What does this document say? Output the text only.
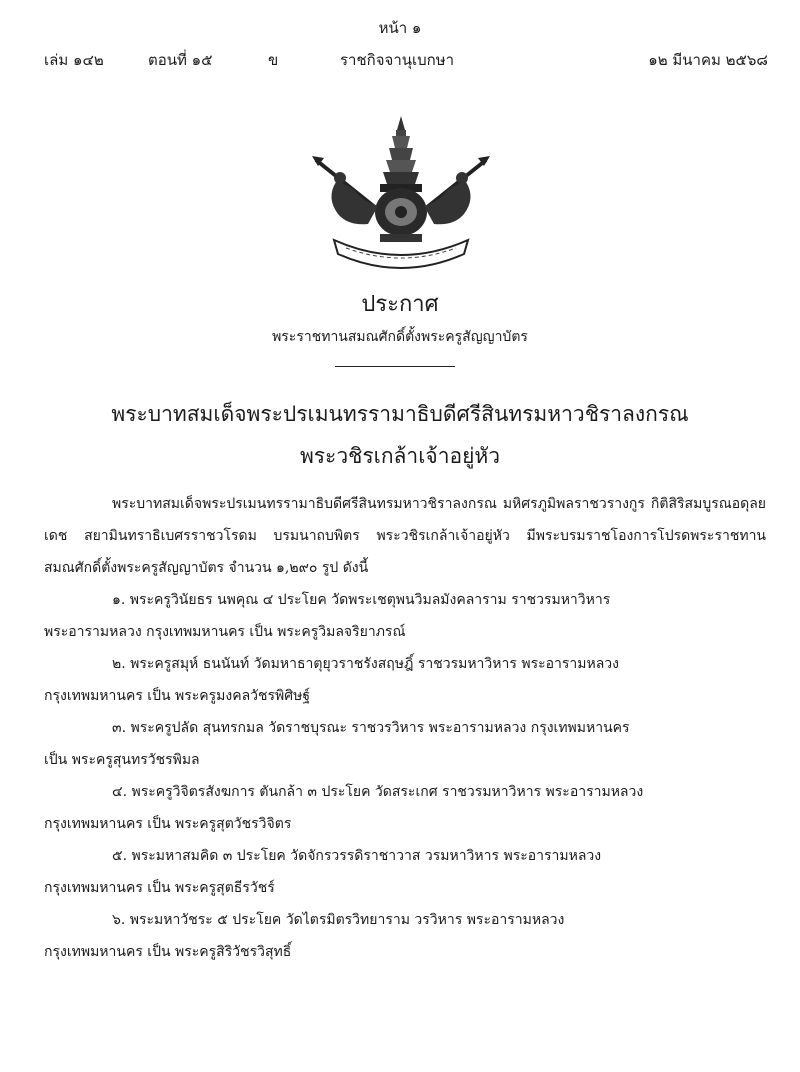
หน้า ๑
เล่ม ๑๔๒	ตอนที่ ๑๕	ข	ราชกิจจานุเบกษา	๑๒ มีนาคม ๒๕๖๘
ประกาศ
พระราชทานสมณศักดิ์ตั้งพระครูสัญญาบัตร
พระบาทสมเด็จพระปรเมนทรรามาธิบดีศรีสินทรมหาวชิราลงกรณ
พระวชิรเกล้าเจ้าอยู่หัว

พระบาทสมเด็จพระปรเมนทรรามาธิบดีศรีสินทรมหาวชิราลงกรณ มหิศรภูมิพลราชวรางกูร กิติสิริสมบูรณอดุลยเดช สยามินทราธิเบศรราชวโรดม บรมนาถบพิตร พระวชิรเกล้าเจ้าอยู่หัว มีพระบรมราชโองการโปรดพระราชทานสมณศักดิ์ตั้งพระครูสัญญาบัตร จำนวน ๑,๒๙๐ รูป ดังนี้

๑. พระครูวินัยธร นพคุณ ๔ ประโยค วัดพระเชตุพนวิมลมังคลาราม ราชวรมหาวิหาร
พระอารามหลวง กรุงเทพมหานคร เป็น พระครูวิมลจริยาภรณ์

๒. พระครูสมุห์ ธนนันท์ วัดมหาธาตุยุวราชรังสฤษฎิ์ ราชวรมหาวิหาร พระอารามหลวง
กรุงเทพมหานคร เป็น พระครูมงคลวัชรพิศิษฐ์

๓. พระครูปลัด สุนทรกมล วัดราชบุรณะ ราชวรวิหาร พระอารามหลวง กรุงเทพมหานคร
เป็น พระครูสุนทรวัชรพิมล

๔. พระครูวิจิตรสังฆการ ตันกล้า ๓ ประโยค วัดสระเกศ ราชวรมหาวิหาร พระอารามหลวง
กรุงเทพมหานคร เป็น พระครูสุตวัชรวิจิตร

๕. พระมหาสมคิด ๓ ประโยค วัดจักรวรรดิราชาวาส วรมหาวิหาร พระอารามหลวง
กรุงเทพมหานคร เป็น พระครูสุตธีรวัชร์

๖. พระมหาวัชระ ๕ ประโยค วัดไตรมิตรวิทยาราม วรวิหาร พระอารามหลวง
กรุงเทพมหานคร เป็น พระครูสิริวัชรวิสุทธิ์
